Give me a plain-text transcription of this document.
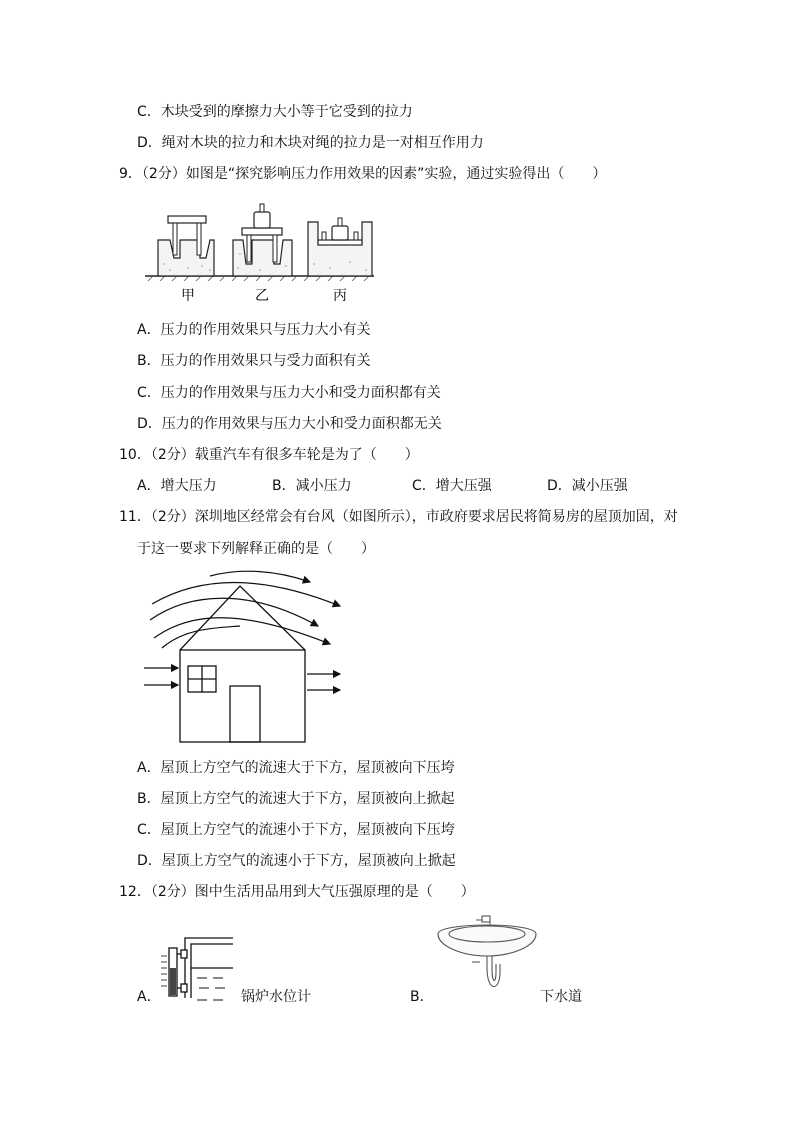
C．木块受到的摩擦力大小等于它受到的拉力
D．绳对木块的拉力和木块对绳的拉力是一对相互作用力
9．（2分）如图是“探究影响压力作用效果的因素”实验，通过实验得出（　　）
甲	乙	丙
A．压力的作用效果只与压力大小有关
B．压力的作用效果只与受力面积有关
C．压力的作用效果与压力大小和受力面积都有关
D．压力的作用效果与压力大小和受力面积都无关
10．（2分）载重汽车有很多车轮是为了（　　）
A．增大压力	B．减小压力	C．增大压强	D．减小压强
11．（2分）深圳地区经常会有台风（如图所示），市政府要求居民将简易房的屋顶加固，对
于这一要求下列解释正确的是（　　）
A．屋顶上方空气的流速大于下方，屋顶被向下压垮
B．屋顶上方空气的流速大于下方，屋顶被向上掀起
C．屋顶上方空气的流速小于下方，屋顶被向下压垮
D．屋顶上方空气的流速小于下方，屋顶被向上掀起
12．（2分）图中生活用品用到大气压强原理的是（　　）
A．	锅炉水位计	B．	下水道
